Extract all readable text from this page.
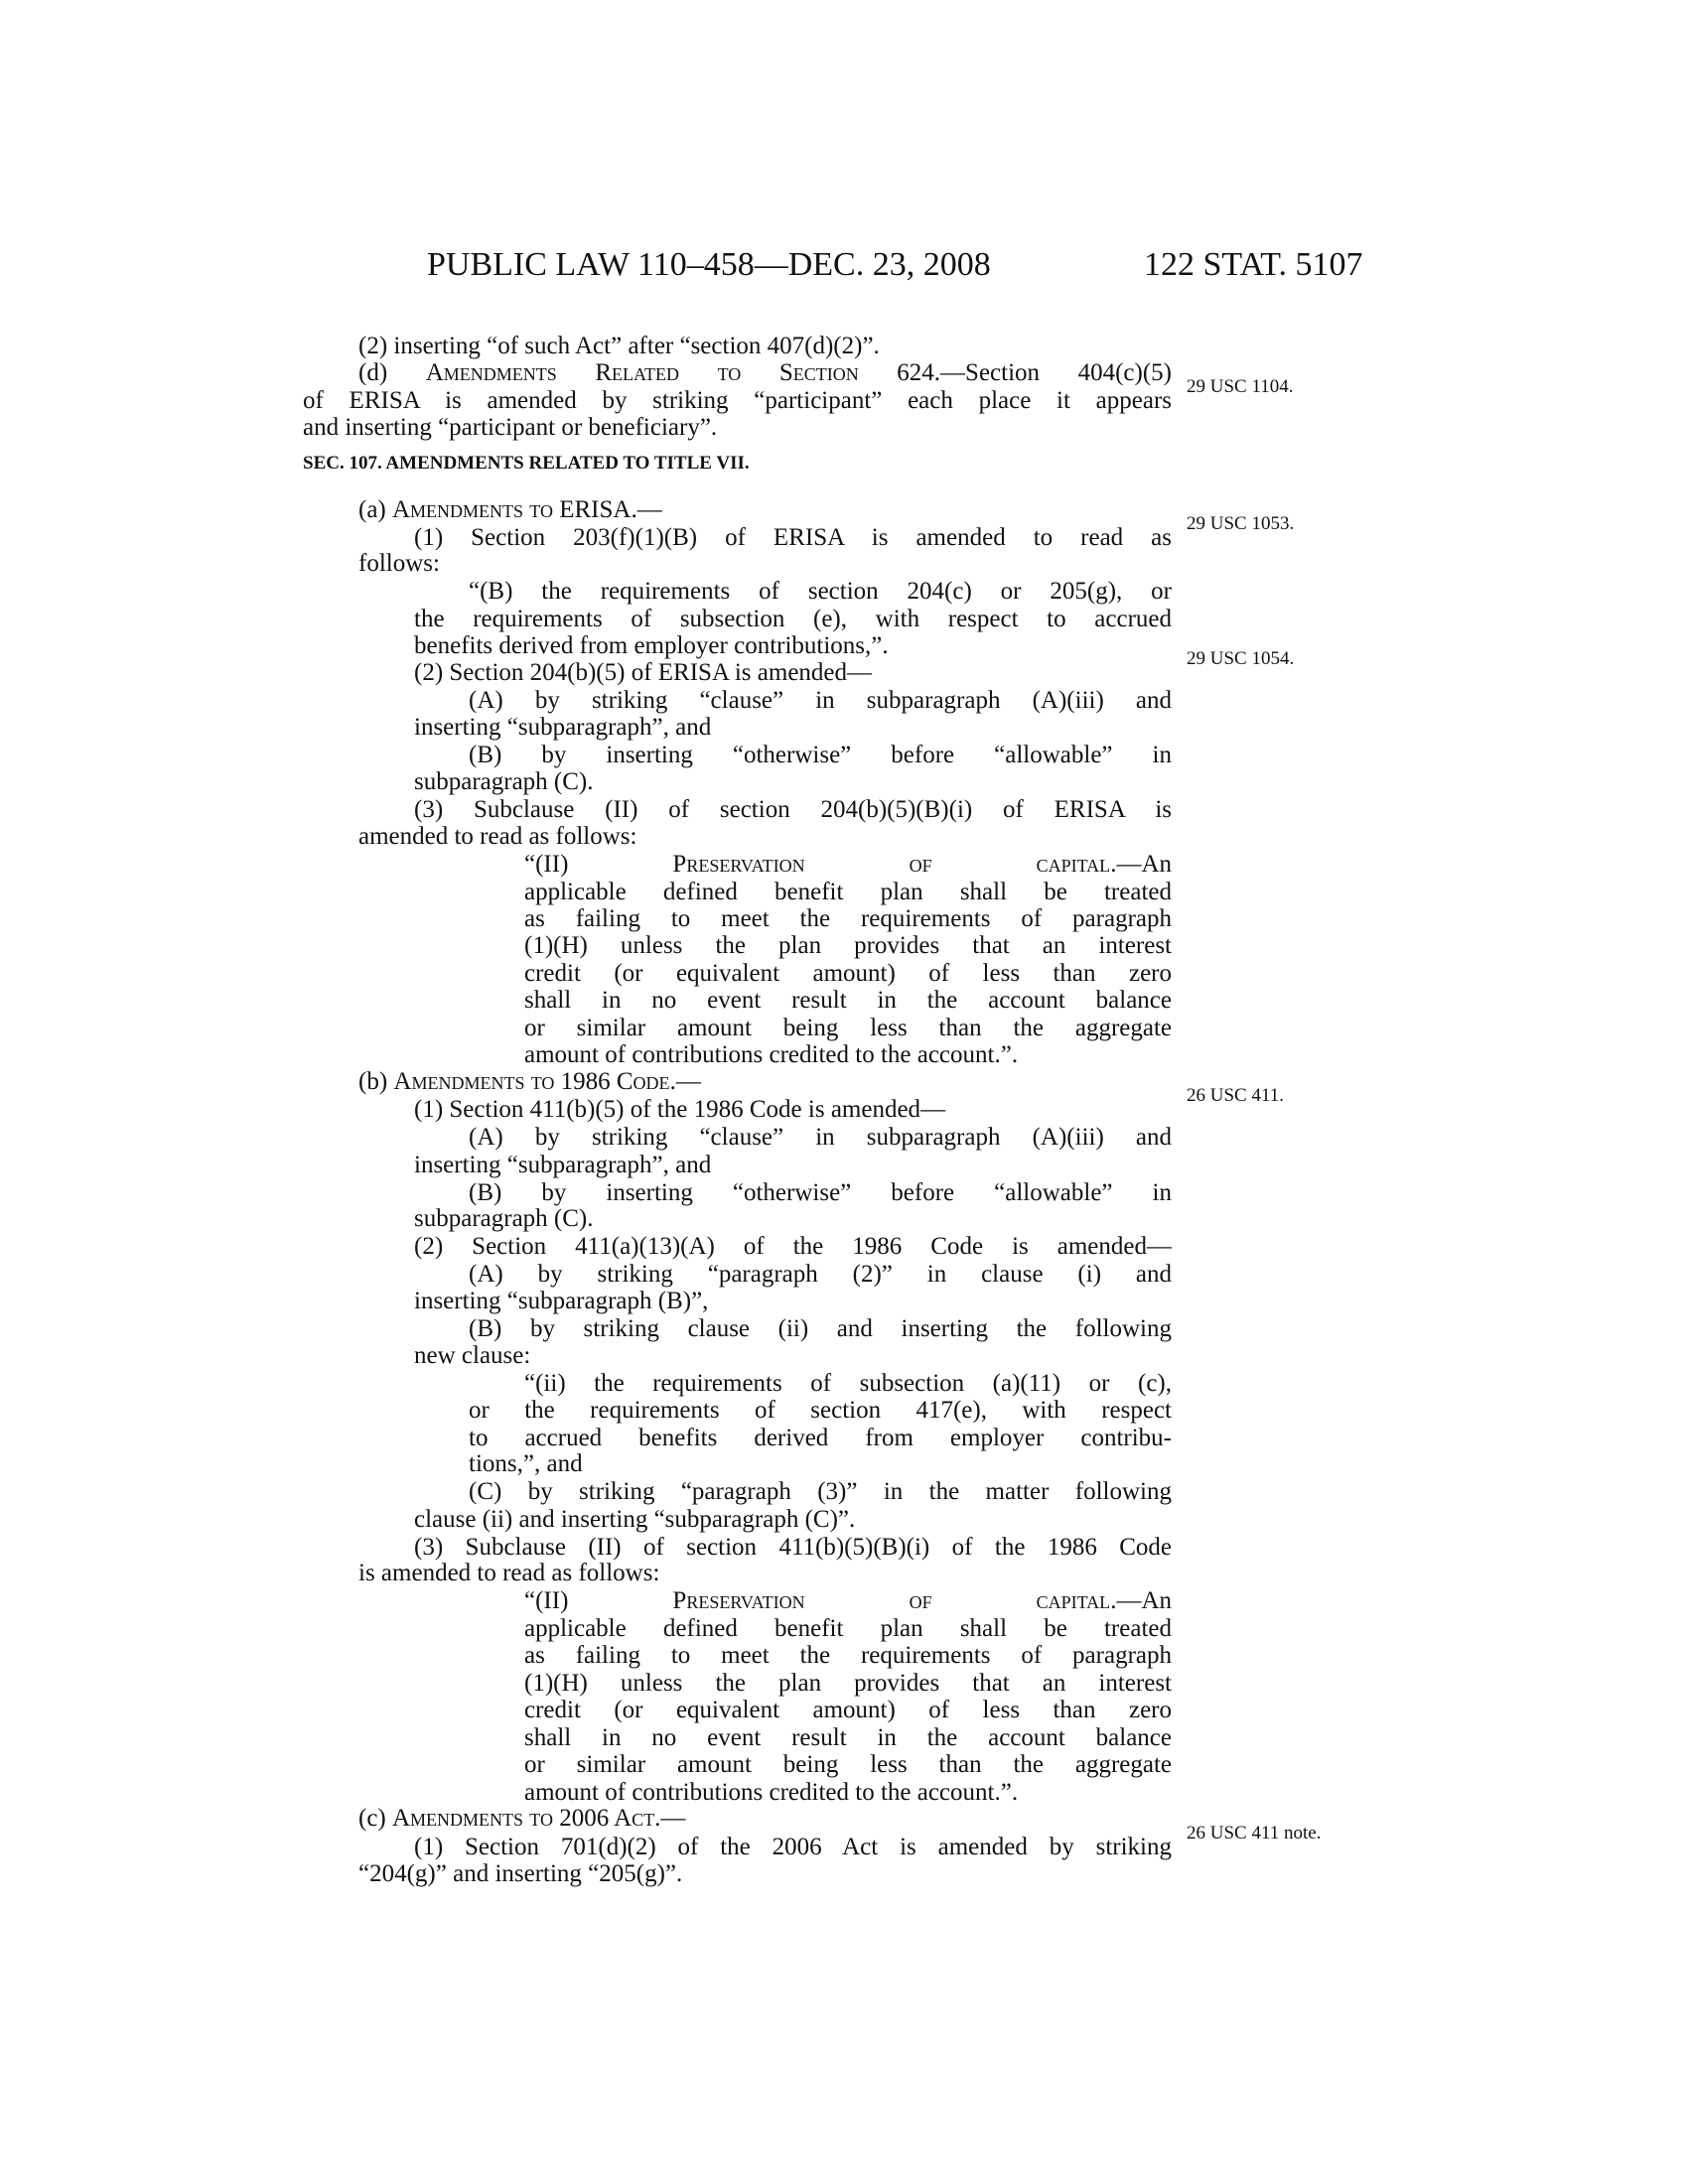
PUBLIC LAW 110–458—DEC. 23, 2008	122 STAT. 5107
(2) inserting “of such Act” after “section 407(d)(2)”.
(d) Amendments Related to Section 624.—Section 404(c)(5)
of ERISA is amended by striking “participant” each place it appears
and inserting “participant or beneficiary”.
SEC. 107. AMENDMENTS RELATED TO TITLE VII.
(a) Amendments to ERISA.—
(1) Section 203(f)(1)(B) of ERISA is amended to read as
follows:
“(B) the requirements of section 204(c) or 205(g), or
the requirements of subsection (e), with respect to accrued
benefits derived from employer contributions,”.
(2) Section 204(b)(5) of ERISA is amended—
(A) by striking “clause” in subparagraph (A)(iii) and
inserting “subparagraph”, and
(B) by inserting “otherwise” before “allowable” in
subparagraph (C).
(3) Subclause (II) of section 204(b)(5)(B)(i) of ERISA is
amended to read as follows:
“(II) Preservation of capital.—An
applicable defined benefit plan shall be treated
as failing to meet the requirements of paragraph
(1)(H) unless the plan provides that an interest
credit (or equivalent amount) of less than zero
shall in no event result in the account balance
or similar amount being less than the aggregate
amount of contributions credited to the account.”.
(b) Amendments to 1986 Code.—
(1) Section 411(b)(5) of the 1986 Code is amended—
(A) by striking “clause” in subparagraph (A)(iii) and
inserting “subparagraph”, and
(B) by inserting “otherwise” before “allowable” in
subparagraph (C).
(2) Section 411(a)(13)(A) of the 1986 Code is amended—
(A) by striking “paragraph (2)” in clause (i) and
inserting “subparagraph (B)”,
(B) by striking clause (ii) and inserting the following
new clause:
“(ii) the requirements of subsection (a)(11) or (c),
or the requirements of section 417(e), with respect
to accrued benefits derived from employer contribu-
tions,”, and
(C) by striking “paragraph (3)” in the matter following
clause (ii) and inserting “subparagraph (C)”.
(3) Subclause (II) of section 411(b)(5)(B)(i) of the 1986 Code
is amended to read as follows:
“(II) Preservation of capital.—An
applicable defined benefit plan shall be treated
as failing to meet the requirements of paragraph
(1)(H) unless the plan provides that an interest
credit (or equivalent amount) of less than zero
shall in no event result in the account balance
or similar amount being less than the aggregate
amount of contributions credited to the account.”.
(c) Amendments to 2006 Act.—
(1) Section 701(d)(2) of the 2006 Act is amended by striking
“204(g)” and inserting “205(g)”.
29 USC 1104.
29 USC 1053.
29 USC 1054.
26 USC 411.
26 USC 411 note.
